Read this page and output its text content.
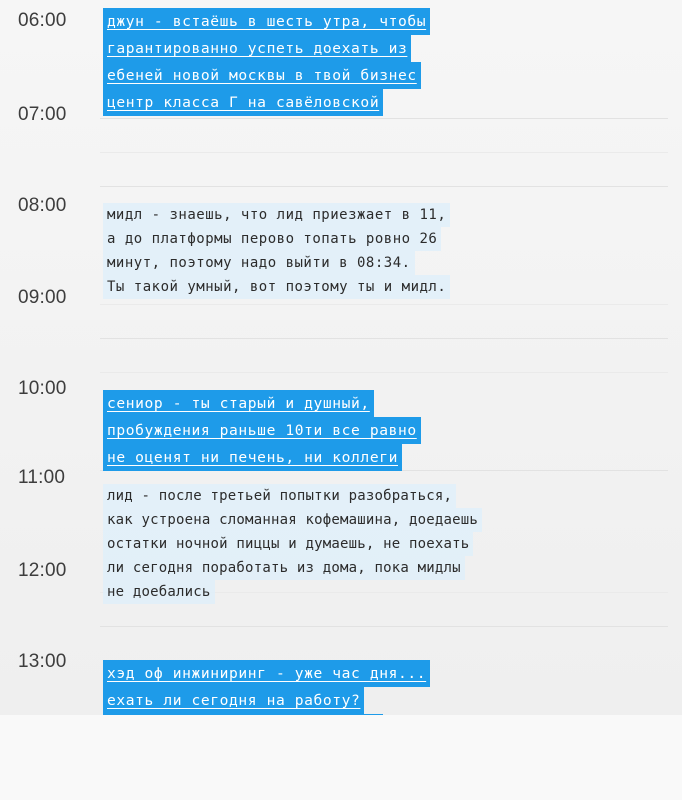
06:00
07:00
08:00
09:00
10:00
11:00
12:00
13:00
джун - встаёшь в шесть утра, чтобы
гарантированно успеть доехать из
ебеней новой москвы в твой бизнес
центр класса Г на савёловской
мидл - знаешь, что лид приезжает в 11,
а до платформы перово топать ровно 26
минут, поэтому надо выйти в 08:34.
Ты такой умный, вот поэтому ты и мидл.
сениор - ты старый и душный,
пробуждения раньше 10ти все равно
не оценят ни печень, ни коллеги
лид - после третьей попытки разобраться,
как устроена сломанная кофемашина, доедаешь
остатки ночной пиццы и думаешь, не поехать
ли сегодня поработать из дома, пока мидлы
не доебались
хэд оф инжиниринг - уже час дня...
ехать ли сегодня на работу?
